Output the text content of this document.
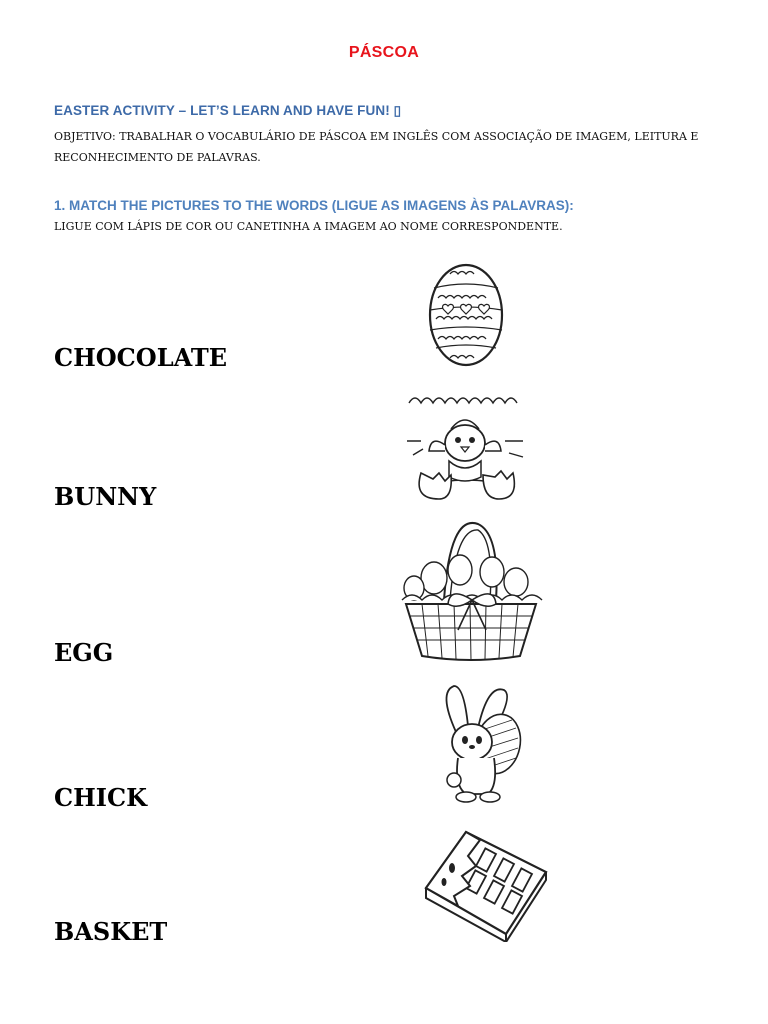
PÁSCOA
EASTER ACTIVITY – LET’S LEARN AND HAVE FUN! ▯
OBJETIVO: TRABALHAR O VOCABULÁRIO DE PÁSCOA EM INGLÊS COM ASSOCIAÇÃO DE IMAGEM, LEITURA E RECONHECIMENTO DE PALAVRAS.
1. MATCH THE PICTURES TO THE WORDS (LIGUE AS IMAGENS ÀS PALAVRAS):
LIGUE COM LÁPIS DE COR OU CANETINHA A IMAGEM AO NOME CORRESPONDENTE.
CHOCOLATE
BUNNY
EGG
CHICK
BASKET
